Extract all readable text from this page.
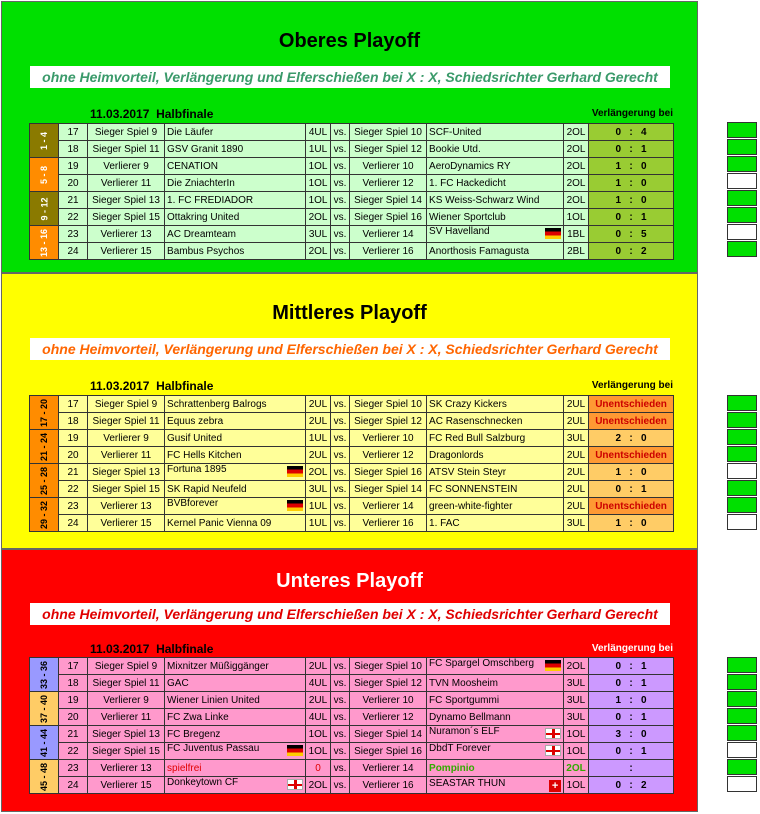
Oberes Playoff
ohne Heimvorteil, Verlängerung und Elferschießen bei X : X, Schiedsrichter Gerhard Gerecht
11.03.2017 Halbfinale	Verlängerung bei
1 - 4	17	Sieger Spiel 9	Die Läufer	4UL	vs.	Sieger Spiel 10	SCF-United	2OL	0   :   4
	18	Sieger Spiel 11	GSV Granit 1890	1UL	vs.	Sieger Spiel 12	Bookie Utd.	2OL	0   :   1
5 - 8	19	Verlierer 9	CENATION	1OL	vs.	Verlierer 10	AeroDynamics RY	2OL	1   :   0
	20	Verlierer 11	Die ZniachterIn	1OL	vs.	Verlierer 12	1. FC Hackedicht	2OL	1   :   0
9 - 12	21	Sieger Spiel 13	1. FC FREDIADOR	1OL	vs.	Sieger Spiel 14	KS Weiss-Schwarz Wind	2OL	1   :   0
	22	Sieger Spiel 15	Ottakring United	2OL	vs.	Sieger Spiel 16	Wiener Sportclub	1OL	0   :   1
13 - 16	23	Verlierer 13	AC Dreamteam	3UL	vs.	Verlierer 14	SV Havelland	1BL	0   :   5
	24	Verlierer 15	Bambus Psychos	2OL	vs.	Verlierer 16	Anorthosis Famagusta	2BL	0   :   2
Mittleres Playoff
ohne Heimvorteil, Verlängerung und Elferschießen bei X : X, Schiedsrichter Gerhard Gerecht
11.03.2017 Halbfinale	Verlängerung bei
17 - 20	17	Sieger Spiel 9	Schrattenberg Balrogs	2UL	vs.	Sieger Spiel 10	SK Crazy Kickers	2UL	Unentschieden
	18	Sieger Spiel 11	Equus zebra	2UL	vs.	Sieger Spiel 12	AC Rasenschnecken	2UL	Unentschieden
21 - 24	19	Verlierer 9	Gusif United	1UL	vs.	Verlierer 10	FC Red Bull Salzburg	3UL	2   :   0
	20	Verlierer 11	FC Hells Kitchen	2UL	vs.	Verlierer 12	Dragonlords	2UL	Unentschieden
25 - 28	21	Sieger Spiel 13	Fortuna 1895	2OL	vs.	Sieger Spiel 16	ATSV Stein Steyr	2UL	1   :   0
	22	Sieger Spiel 15	SK Rapid Neufeld	3UL	vs.	Sieger Spiel 14	FC SONNENSTEIN	2UL	0   :   1
29 - 32	23	Verlierer 13	BVBforever	1UL	vs.	Verlierer 14	green-white-fighter	2UL	Unentschieden
	24	Verlierer 15	Kernel Panic Vienna 09	1UL	vs.	Verlierer 16	1. FAC	3UL	1   :   0
Unteres Playoff
ohne Heimvorteil, Verlängerung und Elferschießen bei X : X, Schiedsrichter Gerhard Gerecht
11.03.2017 Halbfinale	Verlängerung bei
33 - 36	17	Sieger Spiel 9	Mixnitzer Müßiggänger	2UL	vs.	Sieger Spiel 10	FC Spargel Omschberg	2OL	0   :   1
	18	Sieger Spiel 11	GAC	4UL	vs.	Sieger Spiel 12	TVN Moosheim	3UL	0   :   1
37 - 40	19	Verlierer 9	Wiener Linien United	2UL	vs.	Verlierer 10	FC Sportgummi	3UL	1   :   0
	20	Verlierer 11	FC Zwa Linke	4UL	vs.	Verlierer 12	Dynamo Bellmann	3UL	0   :   1
41 - 44	21	Sieger Spiel 13	FC Bregenz	1OL	vs.	Sieger Spiel 14	Nuramon´s ELF	1OL	3   :   0
	22	Sieger Spiel 15	FC Juventus Passau	1OL	vs.	Sieger Spiel 16	DbdT Forever	1OL	0   :   1
45 - 48	23	Verlierer 13	spielfrei	0	vs.	Verlierer 14	Pompinio	2OL	:
	24	Verlierer 15	Donkeytown CF	2OL	vs.	Verlierer 16	SEASTAR THUN +	1OL	0   :   2
